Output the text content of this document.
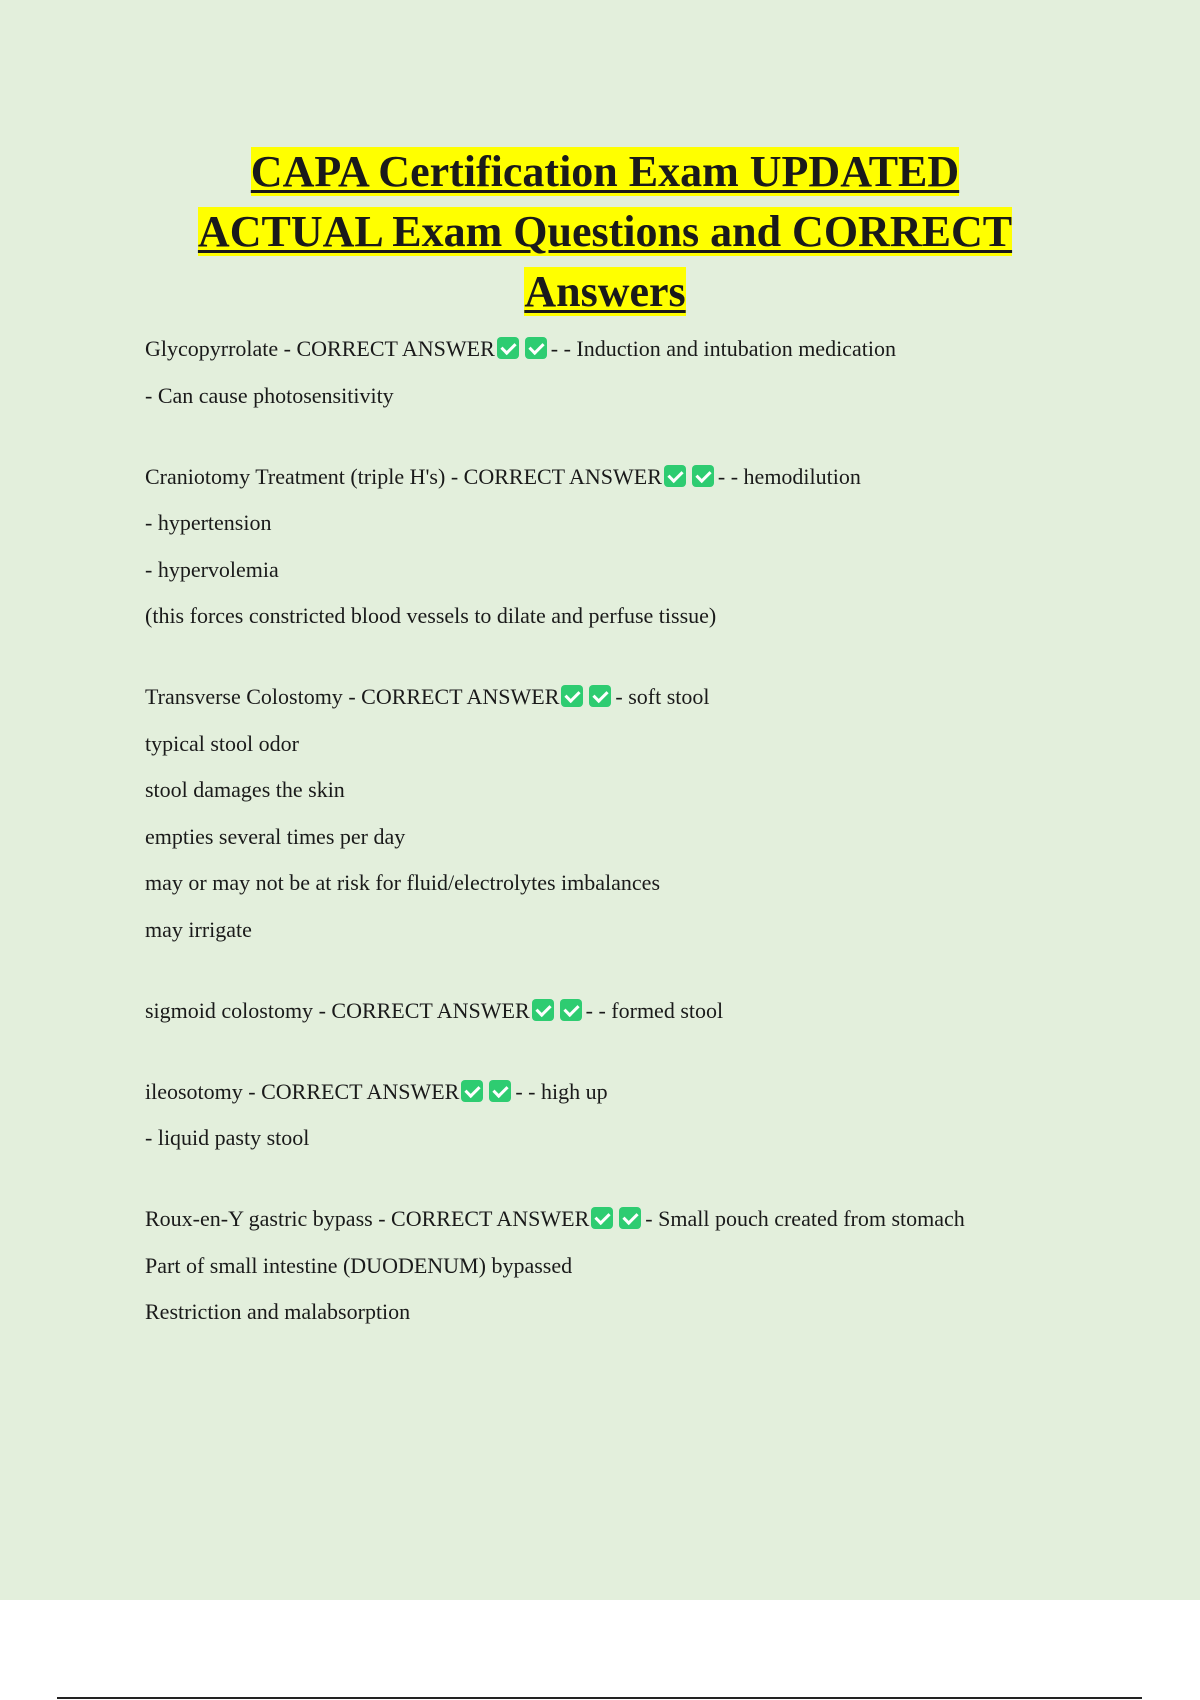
CAPA Certification Exam UPDATED
ACTUAL Exam Questions and CORRECT
Answers
Glycopyrrolate - CORRECT ANSWER	- - Induction and intubation medication
- Can cause photosensitivity
Craniotomy Treatment (triple H's) - CORRECT ANSWER	- - hemodilution
- hypertension
- hypervolemia
(this forces constricted blood vessels to dilate and perfuse tissue)
Transverse Colostomy - CORRECT ANSWER	- soft stool
typical stool odor
stool damages the skin
empties several times per day
may or may not be at risk for fluid/electrolytes imbalances
may irrigate
sigmoid colostomy - CORRECT ANSWER	- - formed stool
ileosotomy - CORRECT ANSWER	- - high up
- liquid pasty stool
Roux-en-Y gastric bypass - CORRECT ANSWER	- Small pouch created from stomach
Part of small intestine (DUODENUM) bypassed
Restriction and malabsorption
